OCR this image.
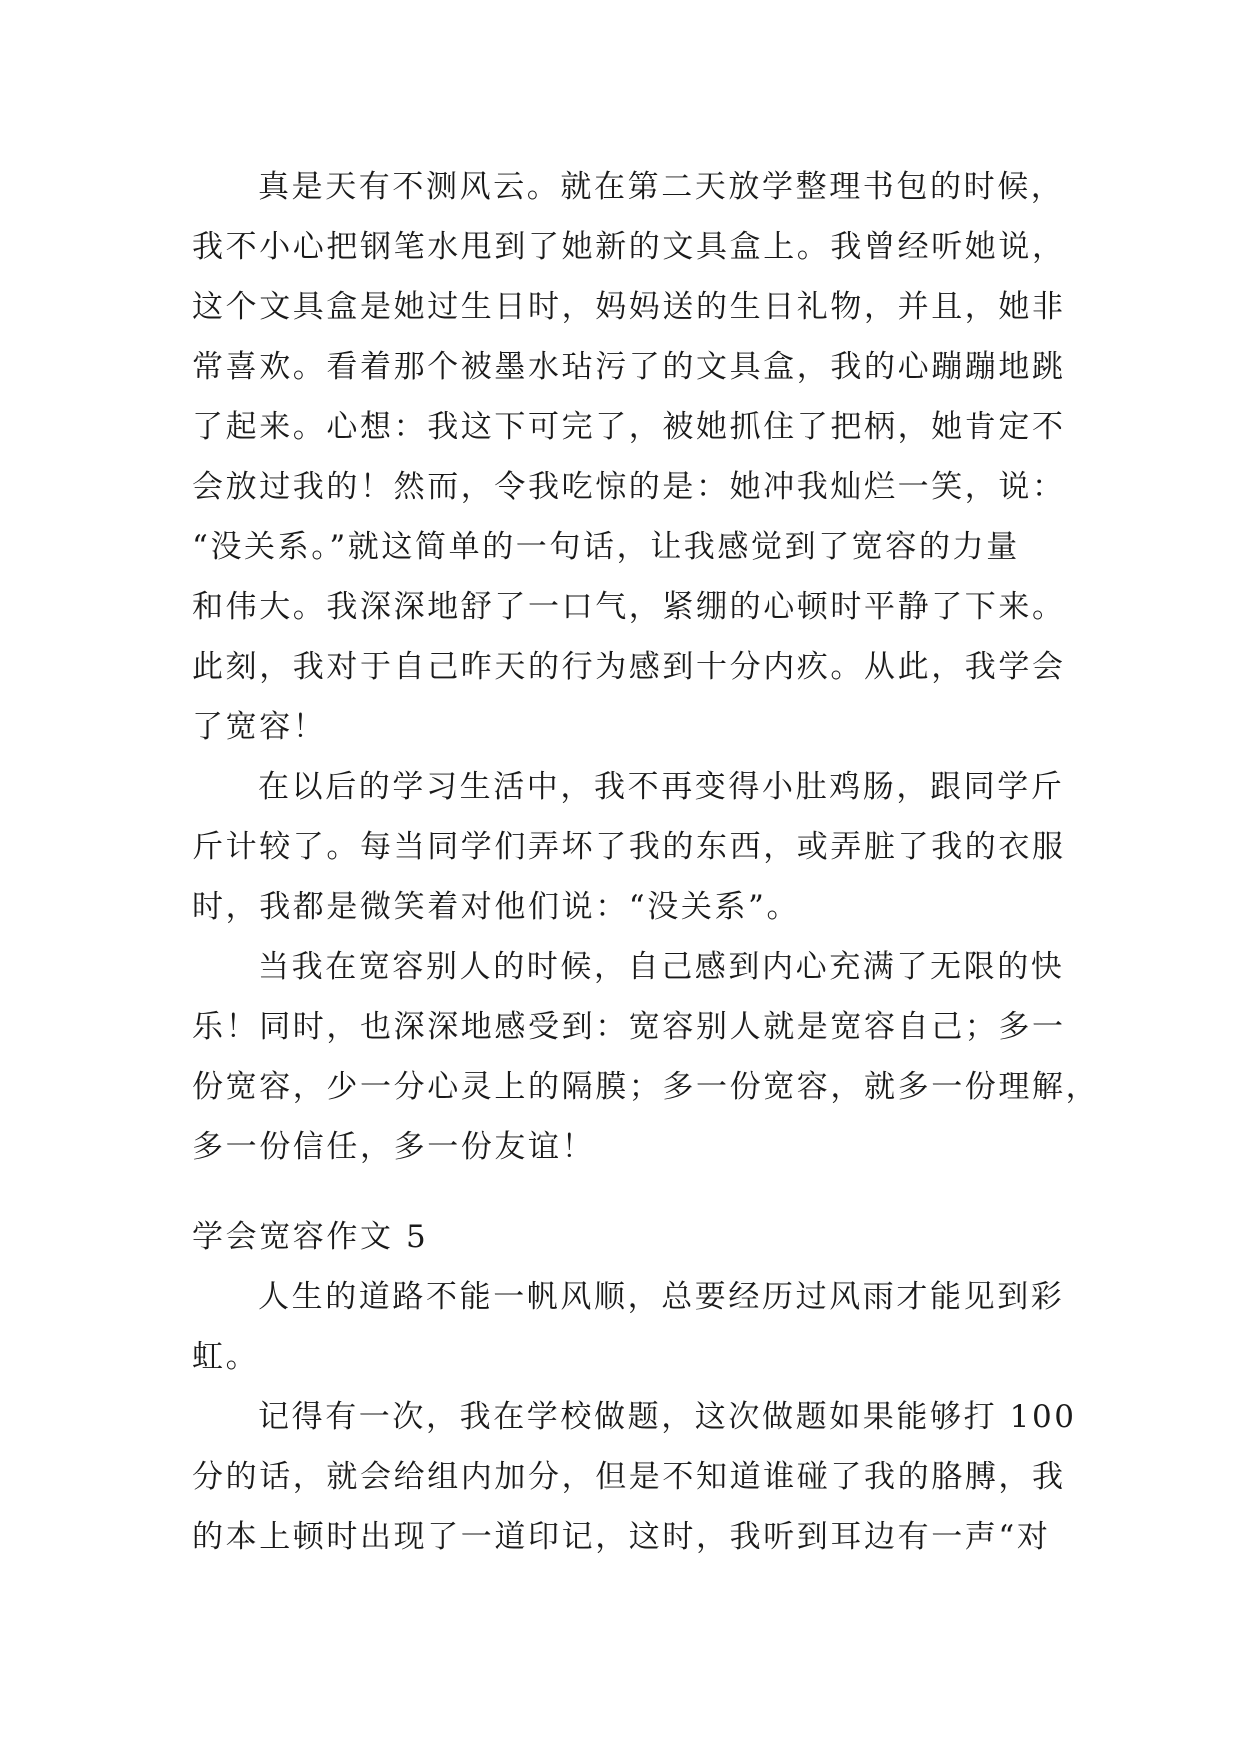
真是天有不测风云。就在第二天放学整理书包的时候，
我不小心把钢笔水甩到了她新的文具盒上。我曾经听她说，
这个文具盒是她过生日时，妈妈送的生日礼物，并且，她非
常喜欢。看着那个被墨水玷污了的文具盒，我的心蹦蹦地跳
了起来。心想：我这下可完了，被她抓住了把柄，她肯定不
会放过我的！然而，令我吃惊的是：她冲我灿烂一笑，说：
“没关系。”就这简单的一句话，让我感觉到了宽容的力量
和伟大。我深深地舒了一口气，紧绷的心顿时平静了下来。
此刻，我对于自己昨天的行为感到十分内疚。从此，我学会
了宽容！
在以后的学习生活中，我不再变得小肚鸡肠，跟同学斤
斤计较了。每当同学们弄坏了我的东西，或弄脏了我的衣服
时，我都是微笑着对他们说：“没关系”。
当我在宽容别人的时候，自己感到内心充满了无限的快
乐！同时，也深深地感受到：宽容别人就是宽容自己；多一
份宽容，少一分心灵上的隔膜；多一份宽容，就多一份理解，
多一份信任，多一份友谊！
学会宽容作文 5
人生的道路不能一帆风顺，总要经历过风雨才能见到彩
虹。
记得有一次，我在学校做题，这次做题如果能够打 100
分的话，就会给组内加分，但是不知道谁碰了我的胳膊，我
的本上顿时出现了一道印记，这时，我听到耳边有一声“对
